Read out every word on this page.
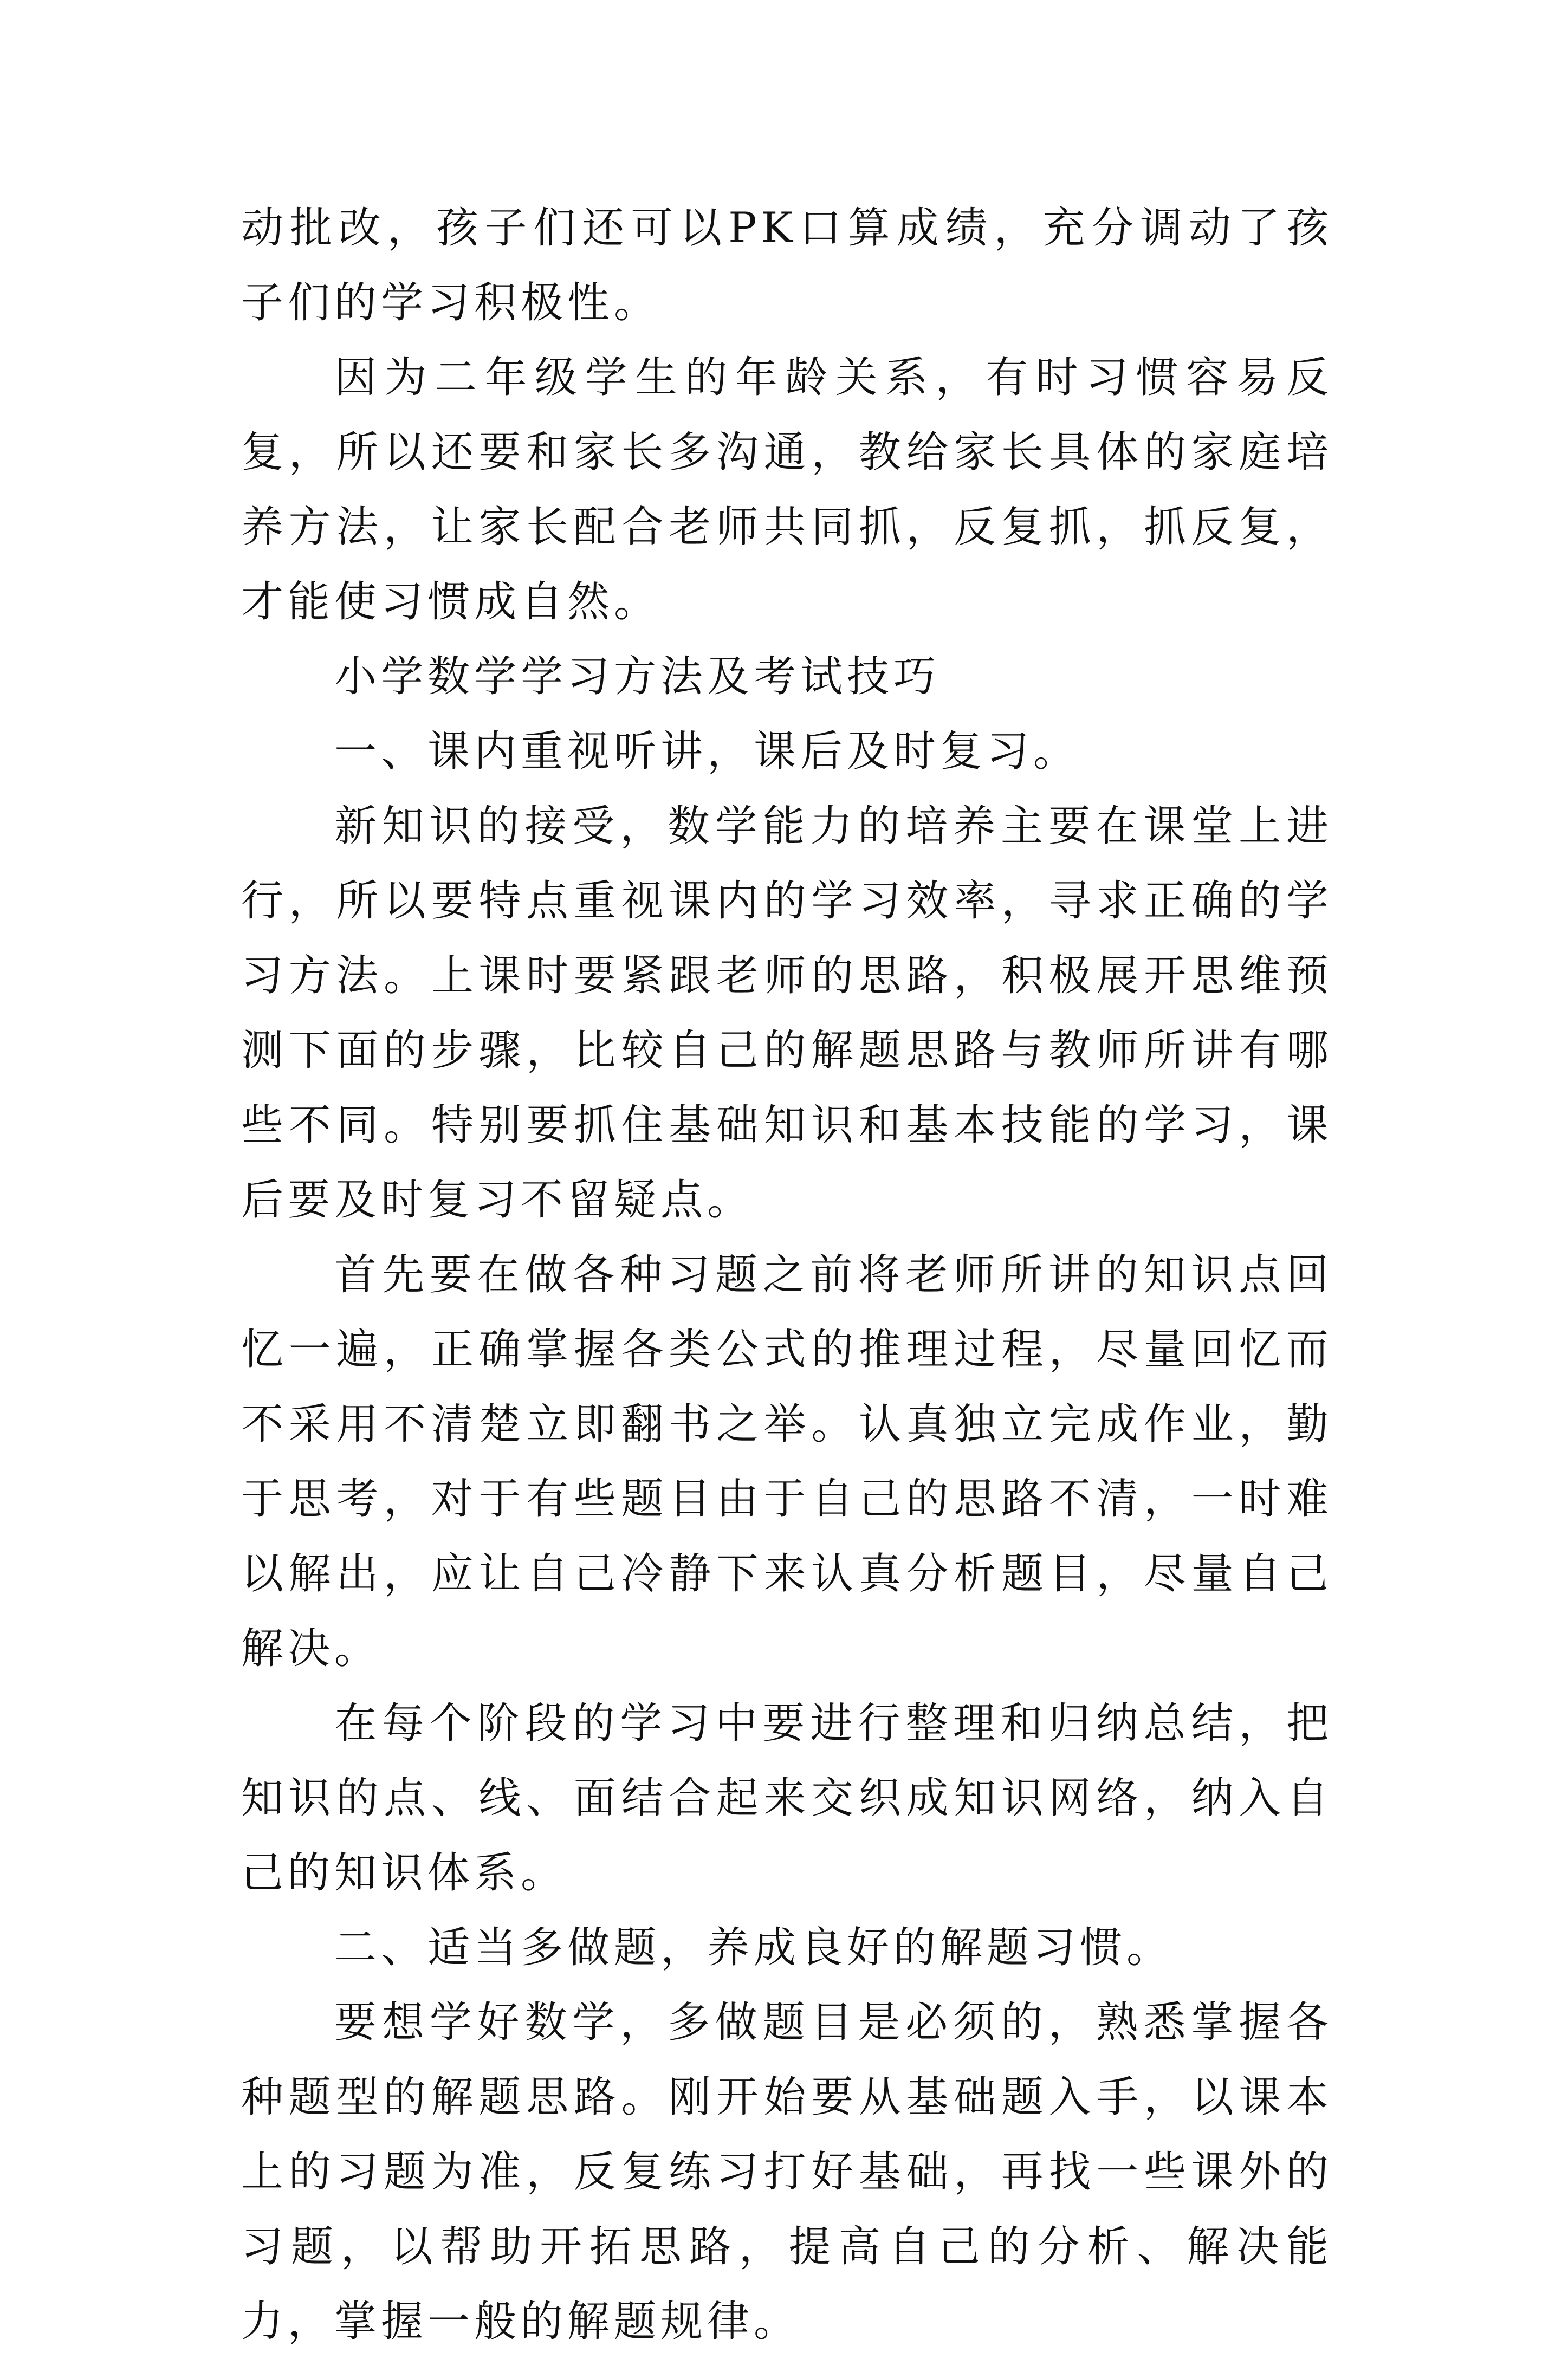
动批改，孩子们还可以PK口算成绩，充分调动了孩子们的学习积极性。

因为二年级学生的年龄关系，有时习惯容易反复，所以还要和家长多沟通，教给家长具体的家庭培养方法，让家长配合老师共同抓，反复抓，抓反复，才能使习惯成自然。

小学数学学习方法及考试技巧

一、课内重视听讲，课后及时复习。

新知识的接受，数学能力的培养主要在课堂上进行，所以要特点重视课内的学习效率，寻求正确的学习方法。上课时要紧跟老师的思路，积极展开思维预测下面的步骤，比较自己的解题思路与教师所讲有哪些不同。特别要抓住基础知识和基本技能的学习，课后要及时复习不留疑点。

首先要在做各种习题之前将老师所讲的知识点回忆一遍，正确掌握各类公式的推理过程，尽量回忆而不采用不清楚立即翻书之举。认真独立完成作业，勤于思考，对于有些题目由于自己的思路不清，一时难以解出，应让自己冷静下来认真分析题目，尽量自己解决。

在每个阶段的学习中要进行整理和归纳总结，把知识的点、线、面结合起来交织成知识网络，纳入自己的知识体系。

二、适当多做题，养成良好的解题习惯。

要想学好数学，多做题目是必须的，熟悉掌握各种题型的解题思路。刚开始要从基础题入手，以课本上的习题为准，反复练习打好基础，再找一些课外的习题，以帮助开拓思路，提高自己的分析、解决能力，掌握一般的解题规律。
